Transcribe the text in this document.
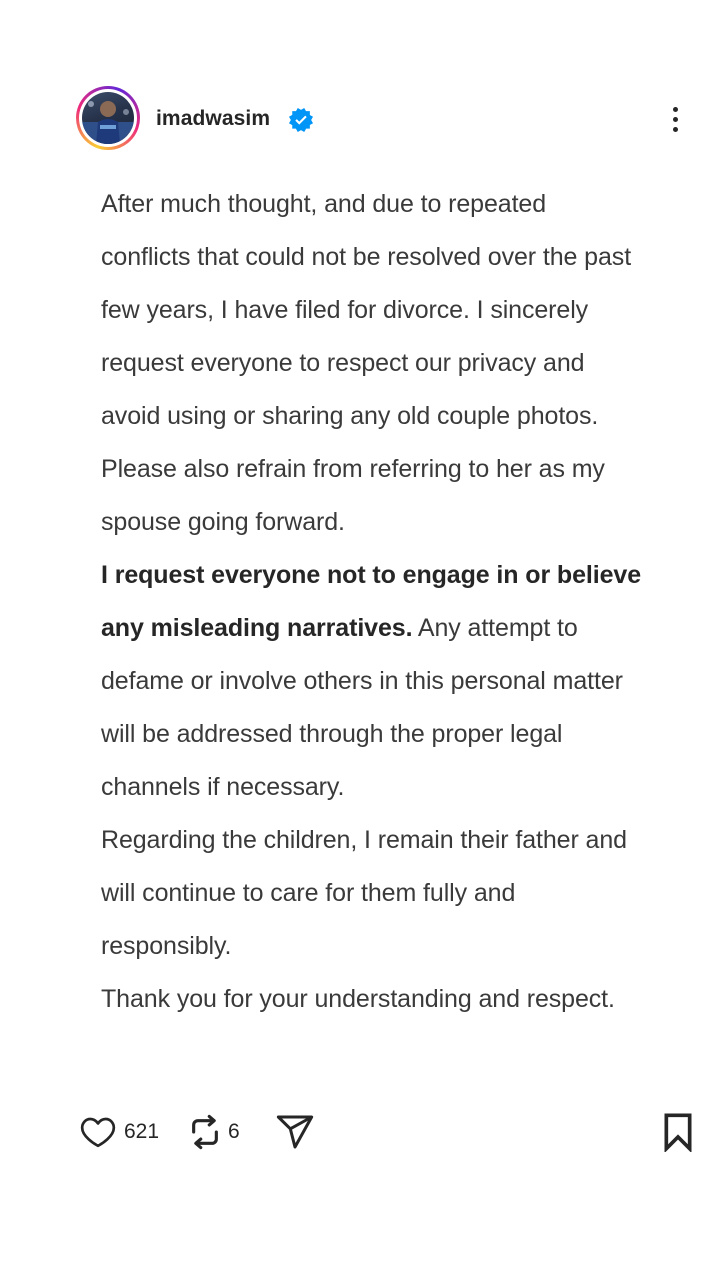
imadwasim

After much thought, and due to repeated

conflicts that could not be resolved over the past

few years, I have filed for divorce. I sincerely

request everyone to respect our privacy and

avoid using or sharing any old couple photos.

Please also refrain from referring to her as my

spouse going forward.

I request everyone not to engage in or believe

any misleading narratives. Any attempt to

defame or involve others in this personal matter

will be addressed through the proper legal

channels if necessary.

Regarding the children, I remain their father and

will continue to care for them fully and

responsibly.

Thank you for your understanding and respect.

621	6
